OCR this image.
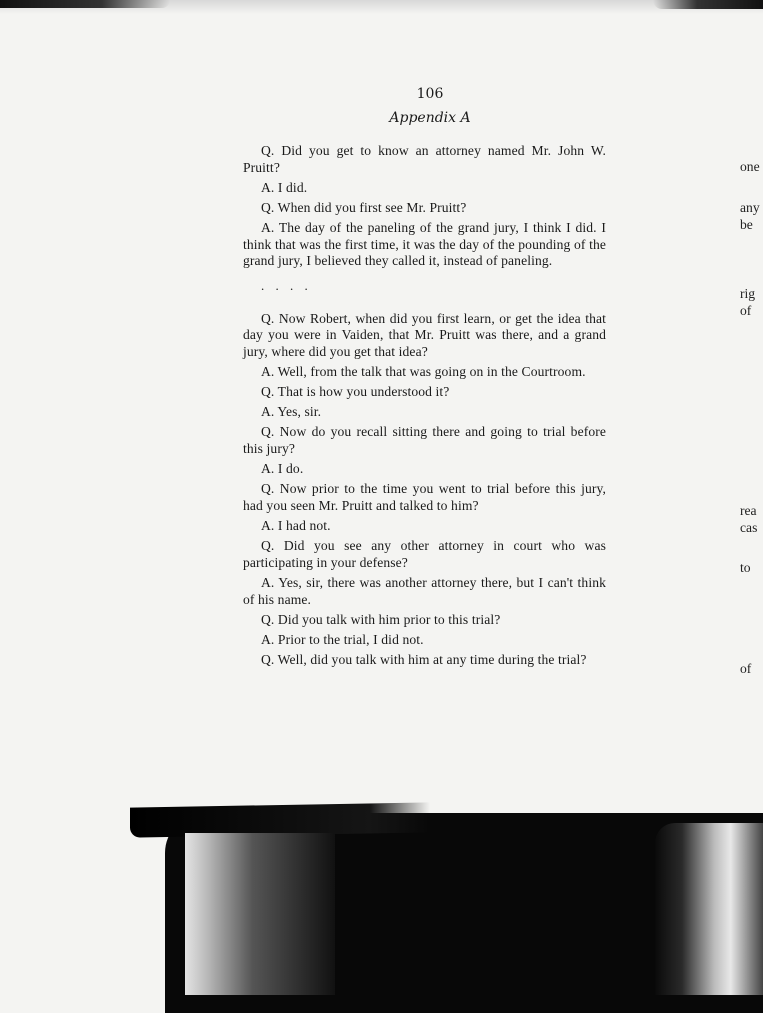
106
Appendix A

Q. Did you get to know an attorney named Mr. John W. Pruitt?

A. I did.

Q. When did you first see Mr. Pruitt?

A. The day of the paneling of the grand jury, I think I did. I think that was the first time, it was the day of the pounding of the grand jury, I believed they called it, instead of paneling.

. . . .

Q. Now Robert, when did you first learn, or get the idea that day you were in Vaiden, that Mr. Pruitt was there, and a grand jury, where did you get that idea?

A. Well, from the talk that was going on in the Courtroom.

Q. That is how you understood it?

A. Yes, sir.

Q. Now do you recall sitting there and going to trial before this jury?

A. I do.

Q. Now prior to the time you went to trial before this jury, had you seen Mr. Pruitt and talked to him?

A. I had not.

Q. Did you see any other attorney in court who was participating in your defense?

A. Yes, sir, there was another attorney there, but I can't think of his name.

Q. Did you talk with him prior to this trial?

A. Prior to the trial, I did not.

Q. Well, did you talk with him at any time during the trial?

one
any
be
rig
of
rea
cas
to
of
